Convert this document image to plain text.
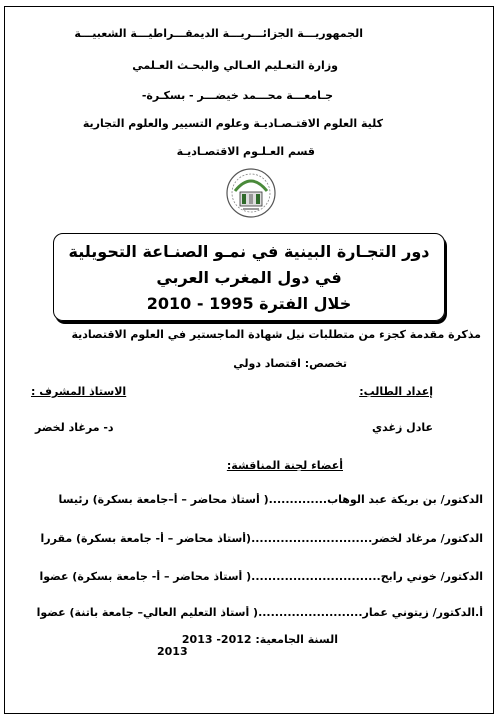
الجمهوريـــة الجزائـــريـــة الديمقـــراطيـــة الشعبيـــة
وزارة التعـليم العـالي والبحـث العـلمي
جـامعـــة محـــمد خيضـــر - بسكـرة-
كلية العلوم الاقتـصـاديـة وعلوم التسيير والعلوم التجارية
قسم العـلـوم الاقتصـاديـة
دور التجـارة البينية في نمـو الصنـاعة التحويلية
في دول المغرب العربي
خلال الفترة 1995 - 2010
مذكرة مقدمة كجزء من متطلبات نيل شهادة الماجستير في العلوم الاقتصادية
تخصص: اقتصاد دولي
إعداد الطالب:
الاستاذ المشرف :
عادل زغدي
د- مرغاد لخضر
أعضاء لجنة المناقشة:
الدكتور/ بن بريكة عبد الوهاب..............( أستاذ محاضر – أ–جامعة بسكرة) رئيسا
الدكتور/ مرغاد لخضر.............................(أستاذ محاضر – أ- جامعة بسكرة) مقررا
الدكتور/ خوني رابح...............................( أستاذ محاضر – أ- جامعة بسكرة) عضوا
أ.الدكتور/ زيتوني عمار.........................( أستاذ التعليم العالي– جامعة باتنة) عضوا
السنة الجامعية: 2012- 2013
2013
